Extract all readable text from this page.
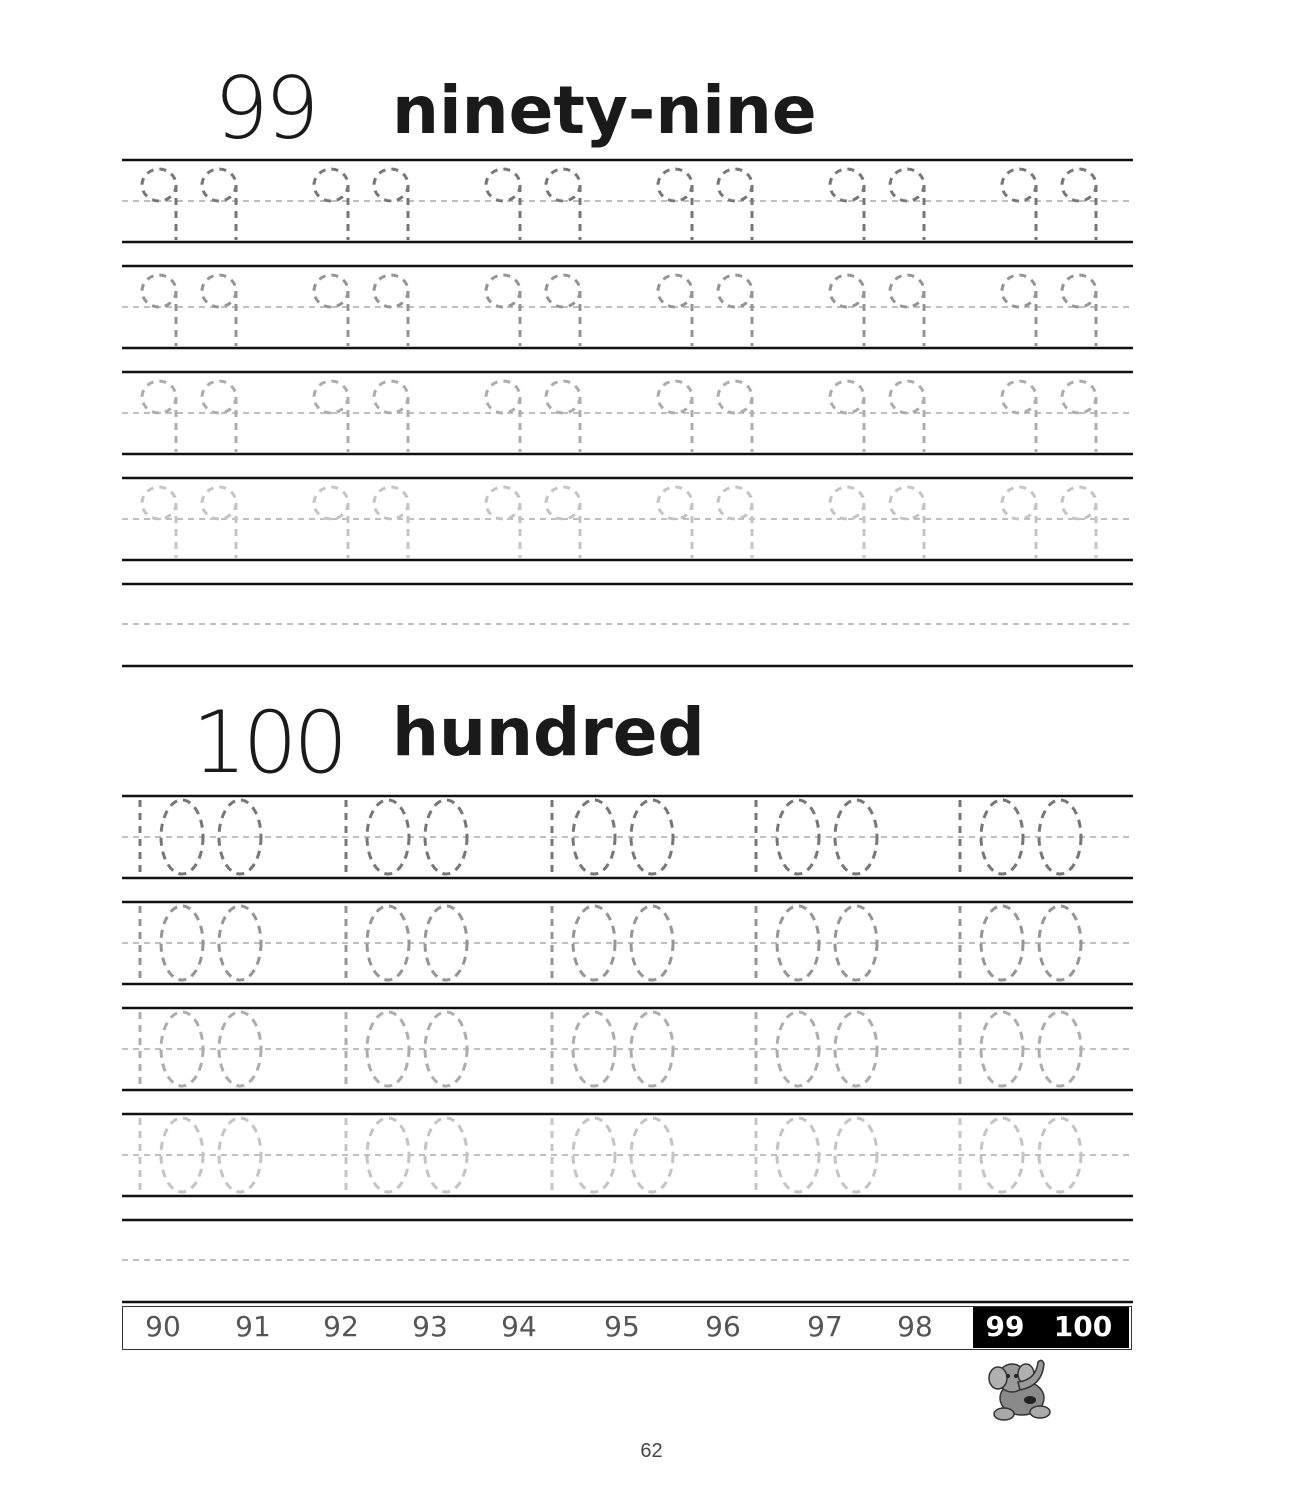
99 ninety-nine
100 hundred
90 91 92 93 94 95 96 97 98 99 100
62
